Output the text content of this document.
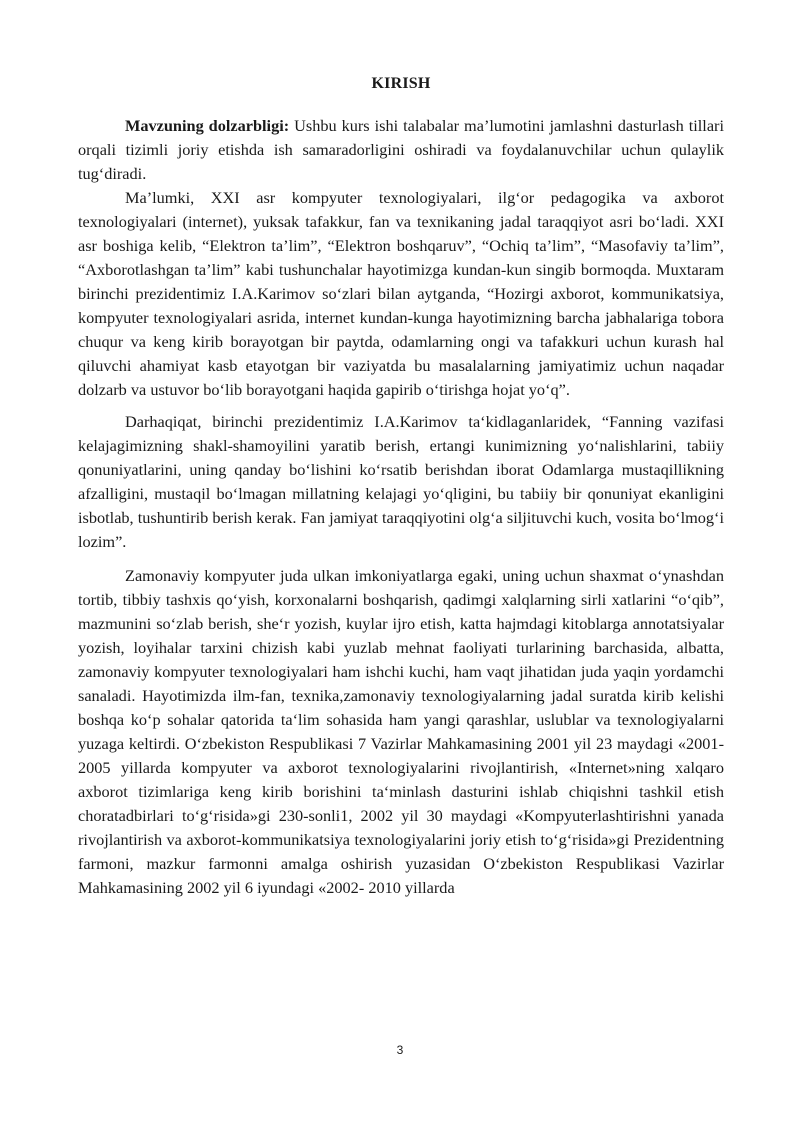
KIRISH

Mavzuning dolzarbligi: Ushbu kurs ishi talabalar ma’lumotini jamlashni dasturlash tillari orqali tizimli joriy etishda ish samaradorligini oshiradi va foydalanuvchilar uchun qulaylik tug‘diradi.

Ma’lumki, XXI asr kompyuter texnologiyalari, ilg‘or pedagogika va axborot texnologiyalari (internet), yuksak tafakkur, fan va texnikaning jadal taraqqiyot asri bo‘ladi. XXI asr boshiga kelib, “Elektron ta’lim”, “Elektron boshqaruv”, “Ochiq ta’lim”, “Masofaviy ta’lim”, “Axborotlashgan ta’lim” kabi tushunchalar hayotimizga kundan-kun singib bormoqda. Muxtaram birinchi prezidentimiz I.A.Karimov so‘zlari bilan aytganda, “Hozirgi axborot, kommunikatsiya, kompyuter texnologiyalari asrida, internet kundan-kunga hayotimizning barcha jabhalariga tobora chuqur va keng kirib borayotgan bir paytda, odamlarning ongi va tafakkuri uchun kurash hal qiluvchi ahamiyat kasb etayotgan bir vaziyatda bu masalalarning jamiyatimiz uchun naqadar dolzarb va ustuvor bo‘lib borayotgani haqida gapirib o‘tirishga hojat yo‘q”.

Darhaqiqat, birinchi prezidentimiz I.A.Karimov ta‘kidlaganlaridek, “Fanning vazifasi kelajagimizning shakl-shamoyilini yaratib berish, ertangi kunimizning yo‘nalishlarini, tabiiy qonuniyatlarini, uning qanday bo‘lishini ko‘rsatib berishdan iborat Odamlarga mustaqillikning afzalligini, mustaqil bo‘lmagan millatning kelajagi yo‘qligini, bu tabiiy bir qonuniyat ekanligini isbotlab, tushuntirib berish kerak. Fan jamiyat taraqqiyotini olg‘a siljituvchi kuch, vosita bo‘lmog‘i lozim”.

Zamonaviy kompyuter juda ulkan imkoniyatlarga egaki, uning uchun shaxmat o‘ynashdan tortib, tibbiy tashxis qo‘yish, korxonalarni boshqarish, qadimgi xalqlarning sirli xatlarini “o‘qib”, mazmunini so‘zlab berish, she‘r yozish, kuylar ijro etish, katta hajmdagi kitoblarga annotatsiyalar yozish, loyihalar tarxini chizish kabi yuzlab mehnat faoliyati turlarining barchasida, albatta, zamonaviy kompyuter texnologiyalari ham ishchi kuchi, ham vaqt jihatidan juda yaqin yordamchi sanaladi. Hayotimizda ilm-fan, texnika,zamonaviy texnologiyalarning jadal suratda kirib kelishi boshqa ko‘p sohalar qatorida ta‘lim sohasida ham yangi qarashlar, uslublar va texnologiyalarni yuzaga keltirdi. O‘zbekiston Respublikasi 7 Vazirlar Mahkamasining 2001 yil 23 maydagi «2001-2005 yillarda kompyuter va axborot texnologiyalarini rivojlantirish, «Internet»ning xalqaro axborot tizimlariga keng kirib borishini ta‘minlash dasturini ishlab chiqishni tashkil etish choratadbirlari to‘g‘risida»gi 230-sonli1, 2002 yil 30 maydagi «Kompyuterlashtirishni yanada rivojlantirish va axborot-kommunikatsiya texnologiyalarini joriy etish to‘g‘risida»gi Prezidentning farmoni, mazkur farmonni amalga oshirish yuzasidan O‘zbekiston Respublikasi Vazirlar Mahkamasining 2002 yil 6 iyundagi «2002- 2010 yillarda

3
